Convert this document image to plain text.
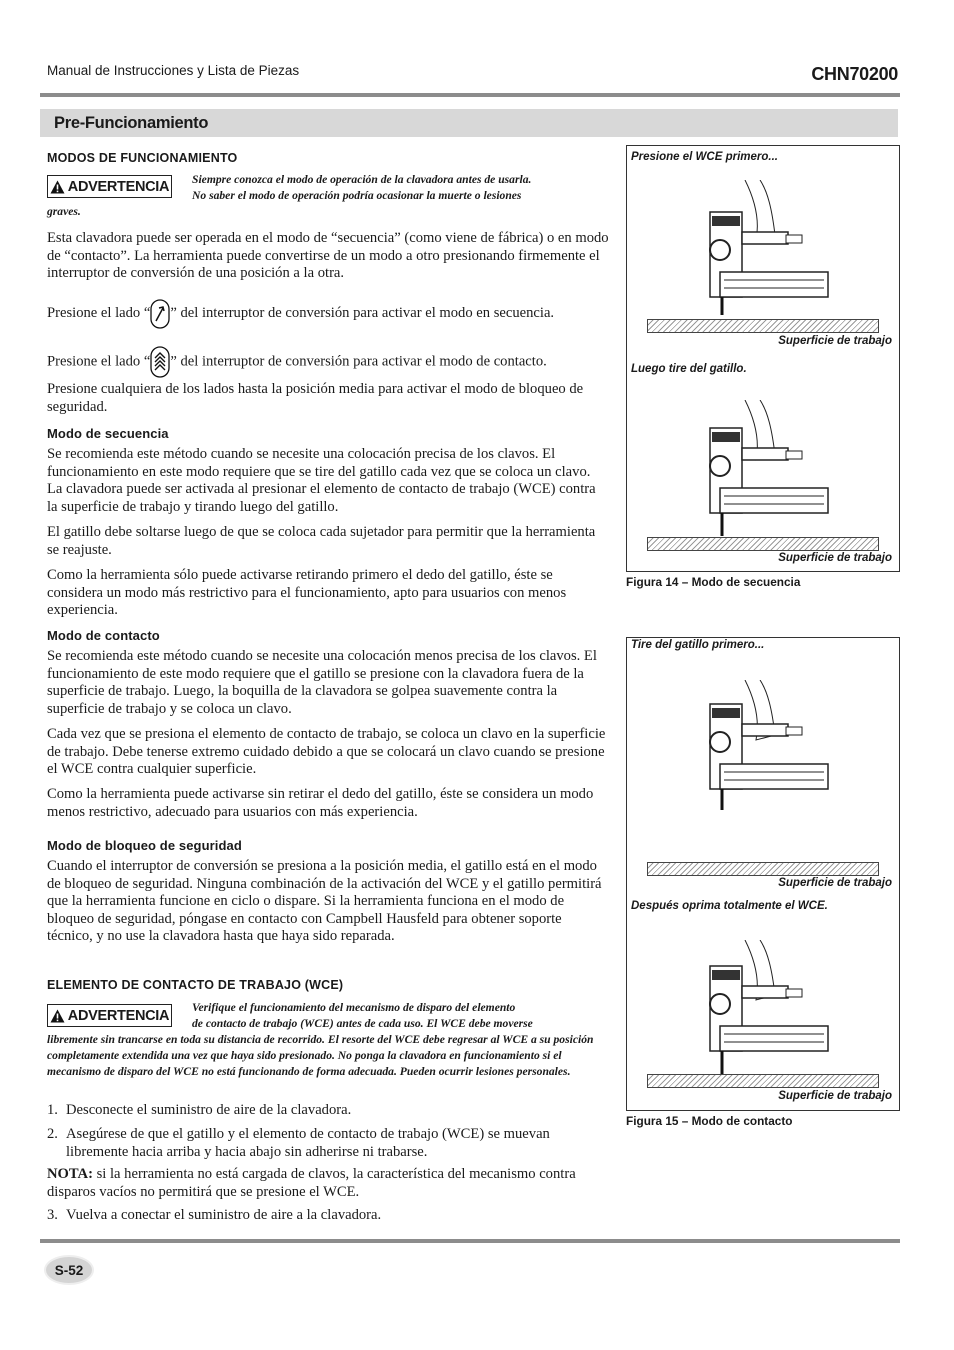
Manual de Instrucciones y Lista de Piezas	CHN70200
Pre-Funcionamiento
MODOS DE FUNCIONAMIENTO
ADVERTENCIA Siempre conozca el modo de operación de la clavadora antes de usarla.
No saber el modo de operación podría ocasionar la muerte o lesiones
graves.

Esta clavadora puede ser operada en el modo de “secuencia” (como viene de fábrica) o en modo de “contacto”. La herramienta puede convertirse de un modo a otro presionando firmemente el interruptor de conversión de una posición a la otra.

Presione el lado “ ” del interruptor de conversión para activar el modo en secuencia.
Presione el lado “ ” del interruptor de conversión para activar el modo de contacto.

Presione cualquiera de los lados hasta la posición media para activar el modo de bloqueo de seguridad.

Modo de secuencia

Se recomienda este método cuando se necesite una colocación precisa de los clavos. El funcionamiento en este modo requiere que se tire del gatillo cada vez que se coloca un clavo. La clavadora puede ser activada al presionar el elemento de contacto de trabajo (WCE) contra la superficie de trabajo y tirando luego del gatillo.

El gatillo debe soltarse luego de que se coloca cada sujetador para permitir que la herramienta se reajuste.

Como la herramienta sólo puede activarse retirando primero el dedo del gatillo, éste se considera un modo más restrictivo para el funcionamiento, apto para usuarios con menos experiencia.

Modo de contacto

Se recomienda este método cuando se necesite una colocación menos precisa de los clavos. El funcionamiento de este modo requiere que el gatillo se presione con la clavadora fuera de la superficie de trabajo. Luego, la boquilla de la clavadora se golpea suavemente contra la superficie de trabajo y se coloca un clavo.

Cada vez que se presiona el elemento de contacto de trabajo, se coloca un clavo en la superficie de trabajo. Debe tenerse extremo cuidado debido a que se colocará un clavo cuando se presione el WCE contra cualquier superficie.

Como la herramienta puede activarse sin retirar el dedo del gatillo, éste se considera un modo menos restrictivo, adecuado para usuarios con más experiencia.

Modo de bloqueo de seguridad

Cuando el interruptor de conversión se presiona a la posición media, el gatillo está en el modo de bloqueo de seguridad. Ninguna combinación de la activación del WCE y el gatillo permitirá que la herramienta funcione en ciclo o dispare. Si la herramienta funciona en el modo de bloqueo de seguridad, póngase en contacto con Campbell Hausfeld para obtener soporte técnico, y no use la clavadora hasta que haya sido reparada.

ELEMENTO DE CONTACTO DE TRABAJO (WCE)
ADVERTENCIA Verifique el funcionamiento del mecanismo de disparo del elemento
de contacto de trabajo (WCE) antes de cada uso. El WCE debe moverse
libremente sin trancarse en toda su distancia de recorrido. El resorte del WCE debe regresar al WCE a su posición completamente extendida una vez que haya sido presionado. No ponga la clavadora en funcionamiento si el mecanismo de disparo del WCE no está funcionando de forma adecuada. Pueden ocurrir lesiones personales.
1. Desconecte el suministro de aire de la clavadora.
2. Asegúrese de que el gatillo y el elemento de contacto de trabajo (WCE) se muevan libremente hacia arriba y hacia abajo sin adherirse ni trabarse.

NOTA: si la herramienta no está cargada de clavos, la característica del mecanismo contra disparos vacíos no permitirá que se presione el WCE.

3. Vuelva a conectar el suministro de aire a la clavadora.
Presione el WCE primero...
Superficie de trabajo
Luego tire del gatillo.
Superficie de trabajo
Figura 14 – Modo de secuencia
Tire del gatillo primero...
Superficie de trabajo
Después oprima totalmente el WCE.
Superficie de trabajo
Figura 15 – Modo de contacto
S-52
